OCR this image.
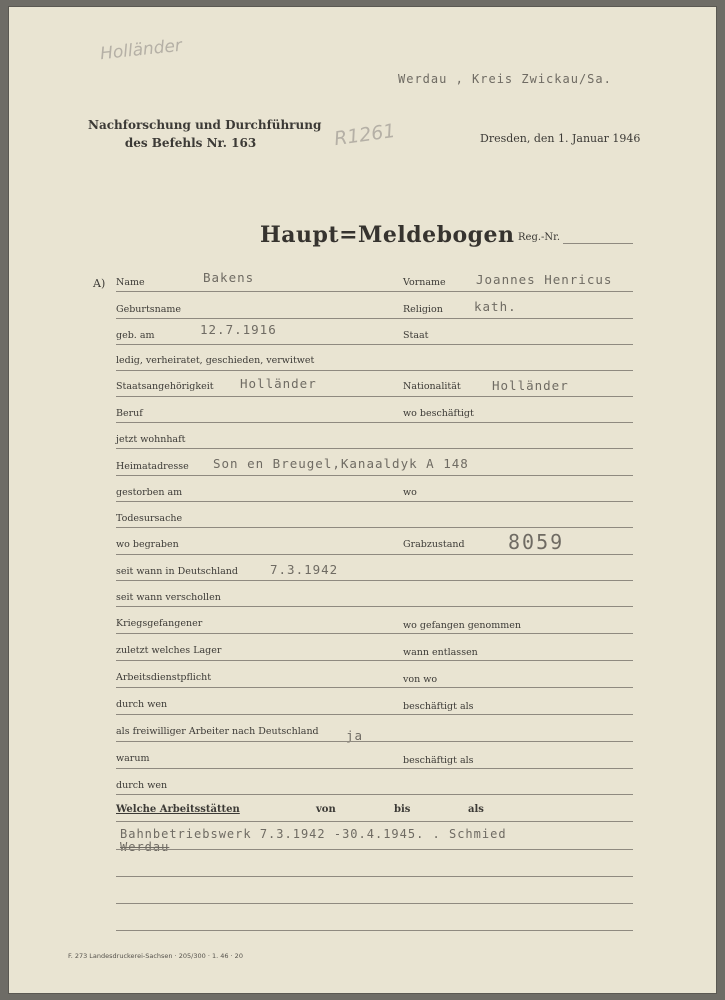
Holländer
R1261
Werdau , Kreis Zwickau/Sa.
Nachforschung und Durchführung
des Befehls Nr. 163	Dresden, den 1. Januar 1946
Haupt=Meldebogen Reg.-Nr.
A) Name	Bakens	Vorname Joannes Henricus
Geburtsname	Religion kath.
geb. am	12.7.1916	Staat
ledig, verheiratet, geschieden, verwitwet
Staatsangehörigkeit Holländer	Nationalität	Holländer
Beruf	wo beschäftigt
jetzt wohnhaft
Heimatadresse Son en Breugel,Kanaaldyk A 148
gestorben am	wo
Todesursache
wo begraben	Grabzustand 8059
seit wann in Deutschland	7.3.1942
seit wann verschollen
Kriegsgefangener	wo gefangen genommen
zuletzt welches Lager	wann entlassen
Arbeitsdienstpflicht	von wo
durch wen	beschäftigt als
als freiwilliger Arbeiter nach Deutschland ja
warum	beschäftigt als
durch wen
Welche Arbeitsstätten	von	bis	als
Bahnbetriebswerk 7.3.1942 -30.4.1945. . Schmied
Werdau
F. 273 Landesdruckerei-Sachsen · 205/300 · 1. 46 · 20
